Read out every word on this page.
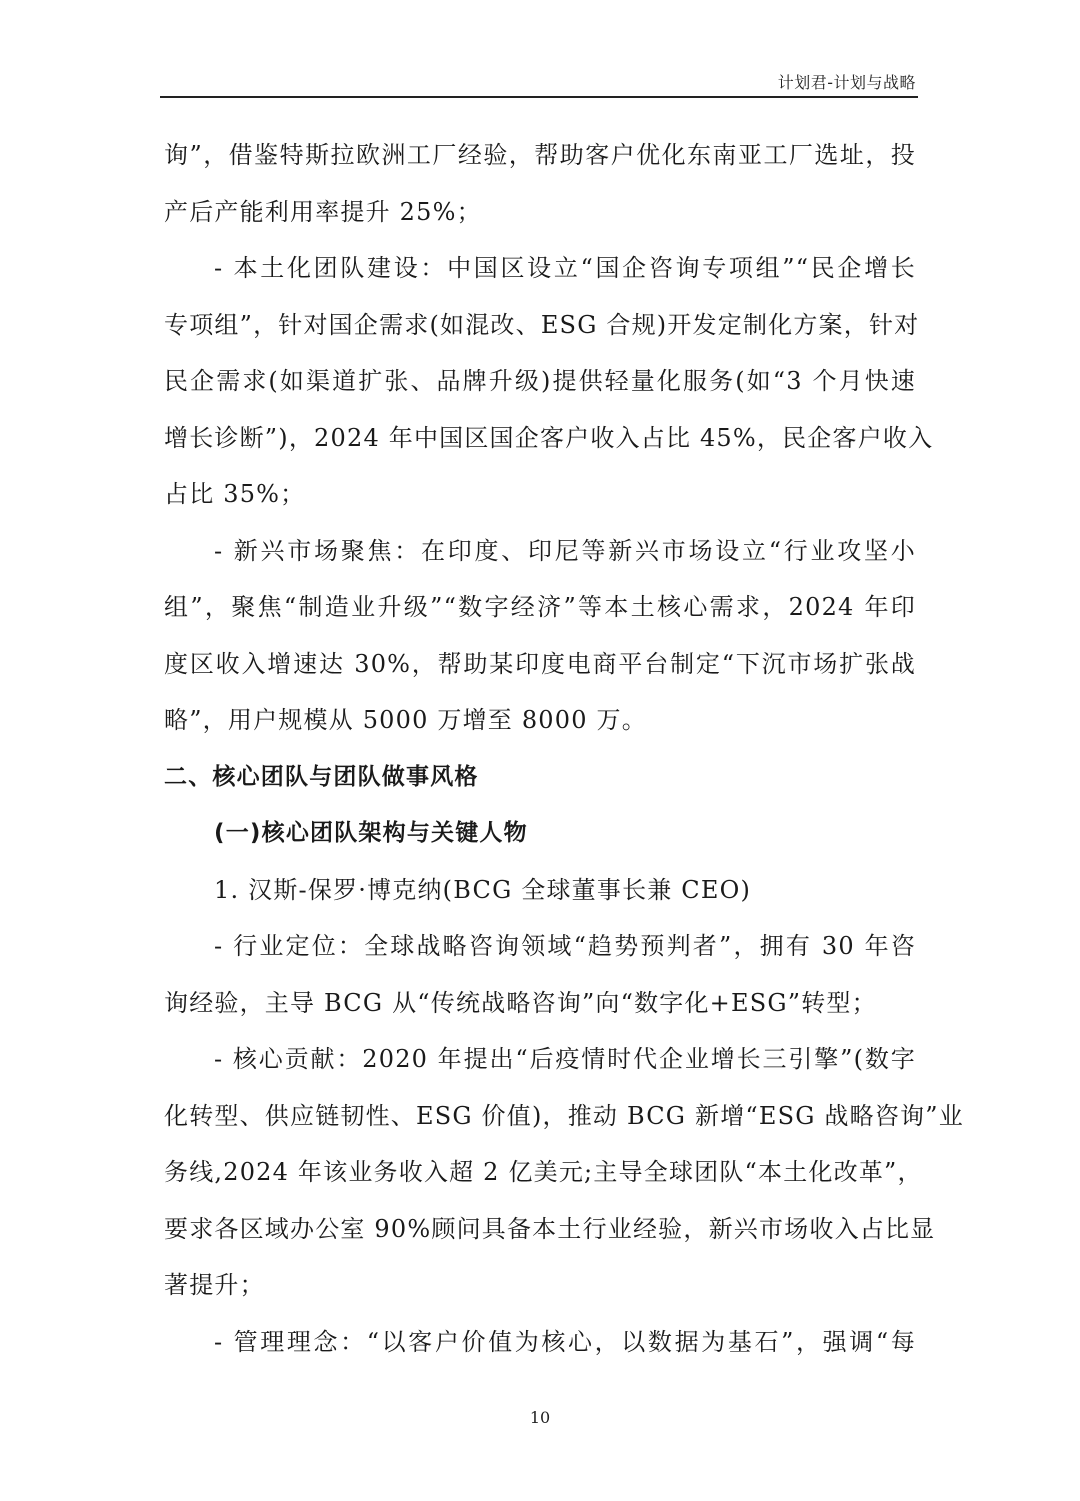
计划君-计划与战略
询”，借鉴特斯拉欧洲工厂经验，帮助客户优化东南亚工厂选址，投
产后产能利用率提升 25%；
- 本土化团队建设：中国区设立“国企咨询专项组”“民企增长
专项组”，针对国企需求(如混改、ESG 合规)开发定制化方案，针对
民企需求(如渠道扩张、品牌升级)提供轻量化服务(如“3 个月快速
增长诊断”)，2024 年中国区国企客户收入占比 45%，民企客户收入
占比 35%；
- 新兴市场聚焦：在印度、印尼等新兴市场设立“行业攻坚小
组”，聚焦“制造业升级”“数字经济”等本土核心需求，2024 年印
度区收入增速达 30%，帮助某印度电商平台制定“下沉市场扩张战
略”，用户规模从 5000 万增至 8000 万。
二、核心团队与团队做事风格
(一)核心团队架构与关键人物
1. 汉斯-保罗·博克纳(BCG 全球董事长兼 CEO)
- 行业定位：全球战略咨询领域“趋势预判者”，拥有 30 年咨
询经验，主导 BCG 从“传统战略咨询”向“数字化+ESG”转型；
- 核心贡献：2020 年提出“后疫情时代企业增长三引擎”(数字
化转型、供应链韧性、ESG 价值)，推动 BCG 新增“ESG 战略咨询”业
务线,2024 年该业务收入超 2 亿美元;主导全球团队“本土化改革”，
要求各区域办公室 90%顾问具备本土行业经验，新兴市场收入占比显
著提升；
- 管理理念：“以客户价值为核心，以数据为基石”，强调“每
10
